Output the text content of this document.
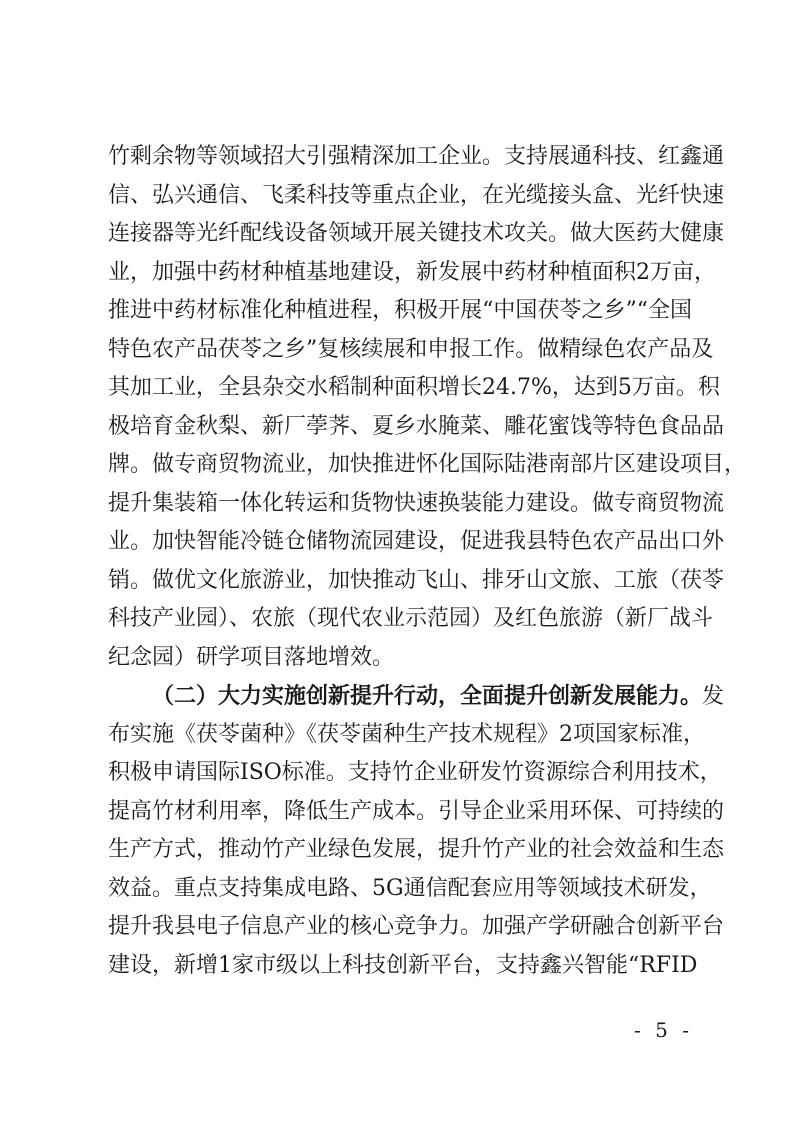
竹剩余物等领域招大引强精深加工企业。支持展通科技、红鑫通
信、弘兴通信、飞柔科技等重点企业，在光缆接头盒、光纤快速
连接器等光纤配线设备领域开展关键技术攻关。做大医药大健康
业，加强中药材种植基地建设，新发展中药材种植面积2万亩，
推进中药材标准化种植进程，积极开展“中国茯苓之乡”“全国
特色农产品茯苓之乡”复核续展和申报工作。做精绿色农产品及
其加工业，全县杂交水稻制种面积增长24.7%，达到5万亩。积
极培育金秋梨、新厂荸荠、夏乡水腌菜、雕花蜜饯等特色食品品
牌。做专商贸物流业，加快推进怀化国际陆港南部片区建设项目，
提升集装箱一体化转运和货物快速换装能力建设。做专商贸物流
业。加快智能冷链仓储物流园建设，促进我县特色农产品出口外
销。做优文化旅游业，加快推动飞山、排牙山文旅、工旅（茯苓
科技产业园）、农旅（现代农业示范园）及红色旅游（新厂战斗
纪念园）研学项目落地增效。
（二）大力实施创新提升行动，全面提升创新发展能力。发
布实施《茯苓菌种》《茯苓菌种生产技术规程》2项国家标准，
积极申请国际ISO标准。支持竹企业研发竹资源综合利用技术，
提高竹材利用率，降低生产成本。引导企业采用环保、可持续的
生产方式，推动竹产业绿色发展，提升竹产业的社会效益和生态
效益。重点支持集成电路、5G通信配套应用等领域技术研发，
提升我县电子信息产业的核心竞争力。加强产学研融合创新平台
建设，新增1家市级以上科技创新平台，支持鑫兴智能“RFID
- 5 -
